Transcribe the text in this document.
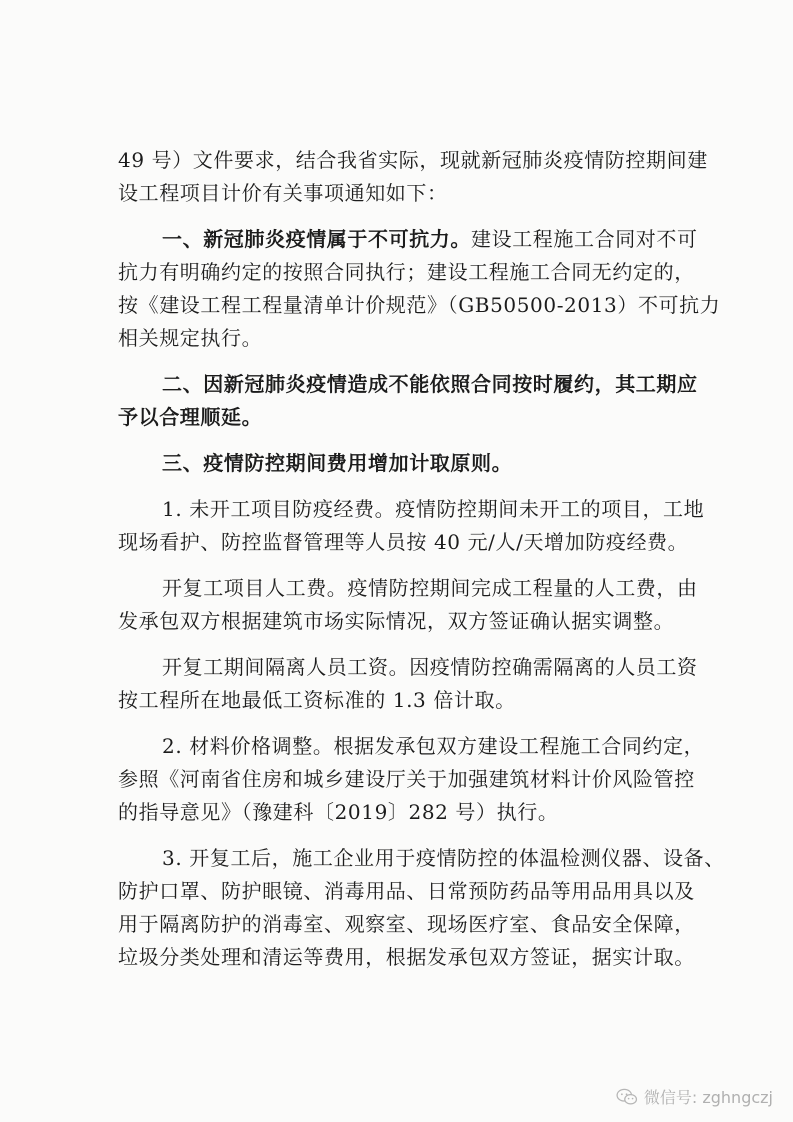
49 号）文件要求，结合我省实际，现就新冠肺炎疫情防控期间建
设工程项目计价有关事项通知如下：
一、新冠肺炎疫情属于不可抗力。建设工程施工合同对不可
抗力有明确约定的按照合同执行；建设工程施工合同无约定的，
按《建设工程工程量清单计价规范》（GB50500-2013）不可抗力
相关规定执行。
二、因新冠肺炎疫情造成不能依照合同按时履约，其工期应
予以合理顺延。
三、疫情防控期间费用增加计取原则。
1. 未开工项目防疫经费。疫情防控期间未开工的项目，工地
现场看护、防控监督管理等人员按 40 元/人/天增加防疫经费。
开复工项目人工费。疫情防控期间完成工程量的人工费，由
发承包双方根据建筑市场实际情况，双方签证确认据实调整。
开复工期间隔离人员工资。因疫情防控确需隔离的人员工资
按工程所在地最低工资标准的 1.3 倍计取。
2. 材料价格调整。根据发承包双方建设工程施工合同约定，
参照《河南省住房和城乡建设厅关于加强建筑材料计价风险管控
的指导意见》（豫建科〔2019〕282 号）执行。
3. 开复工后，施工企业用于疫情防控的体温检测仪器、设备、
防护口罩、防护眼镜、消毒用品、日常预防药品等用品用具以及
用于隔离防护的消毒室、观察室、现场医疗室、食品安全保障，
垃圾分类处理和清运等费用，根据发承包双方签证，据实计取。
微信号: zghngczj
